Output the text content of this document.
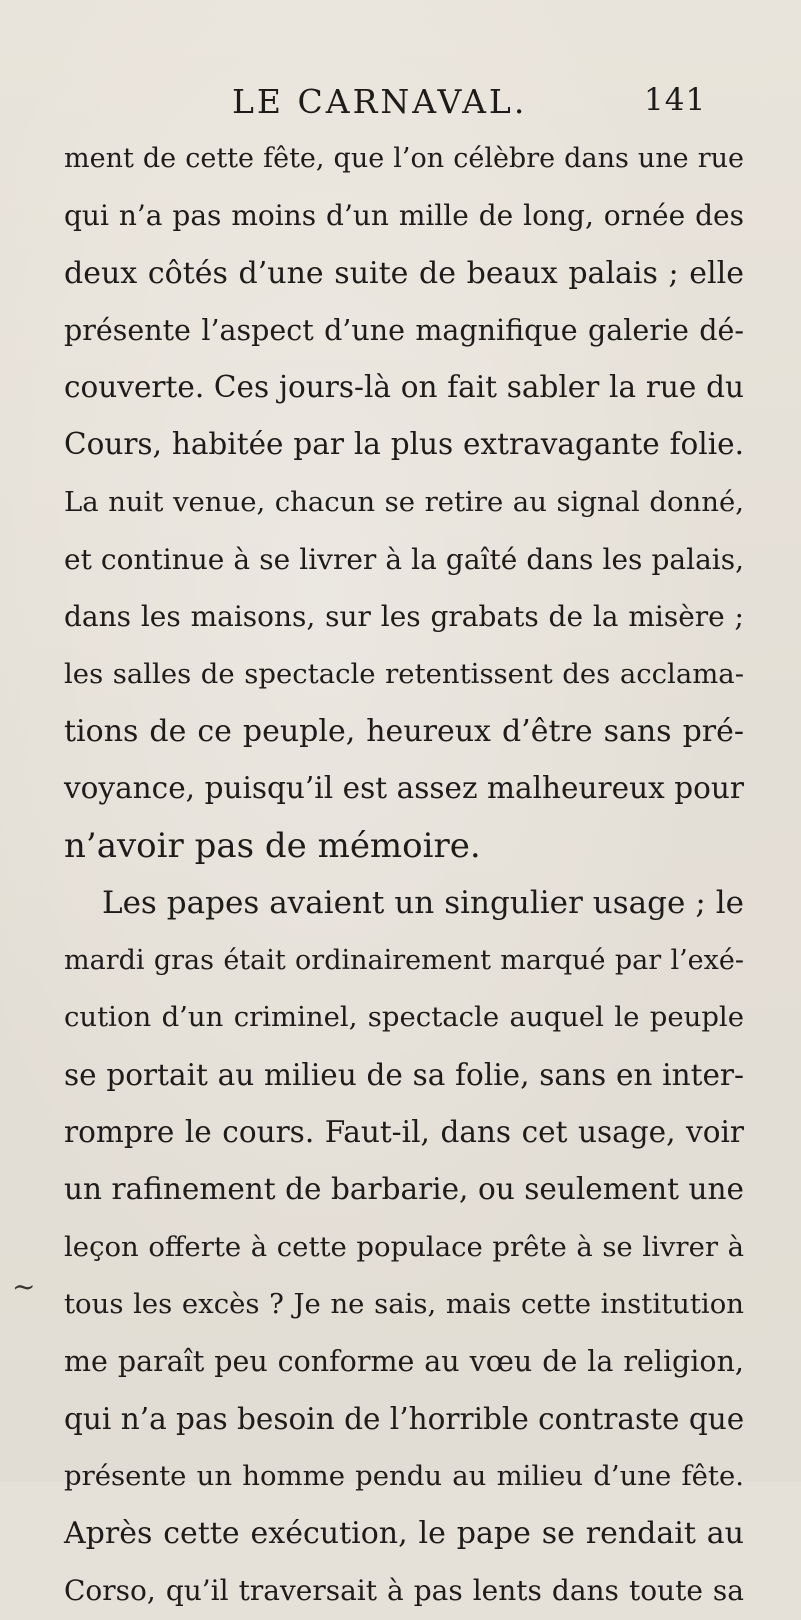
LE CARNAVAL.	141
ment de cette fête, que l’on célèbre dans une rue
qui n’a pas moins d’un mille de long, ornée des
deux côtés d’une suite de beaux palais ; elle
présente l’aspect d’une magnifique galerie dé-
couverte. Ces jours-là on fait sabler la rue du
Cours, habitée par la plus extravagante folie.
La nuit venue, chacun se retire au signal donné,
et continue à se livrer à la gaîté dans les palais,
dans les maisons, sur les grabats de la misère ;
les salles de spectacle retentissent des acclama-
tions de ce peuple, heureux d’être sans pré-
voyance, puisqu’il est assez malheureux pour
n’avoir pas de mémoire.
Les papes avaient un singulier usage ; le
mardi gras était ordinairement marqué par l’exé-
cution d’un criminel, spectacle auquel le peuple
se portait au milieu de sa folie, sans en inter-
rompre le cours. Faut-il, dans cet usage, voir
un rafinement de barbarie, ou seulement une
leçon offerte à cette populace prête à se livrer à
tous les excès ? Je ne sais, mais cette institution
me paraît peu conforme au vœu de la religion,
qui n’a pas besoin de l’horrible contraste que
présente un homme pendu au milieu d’une fête.
Après cette exécution, le pape se rendait au
Corso, qu’il traversait à pas lents dans toute sa
~
